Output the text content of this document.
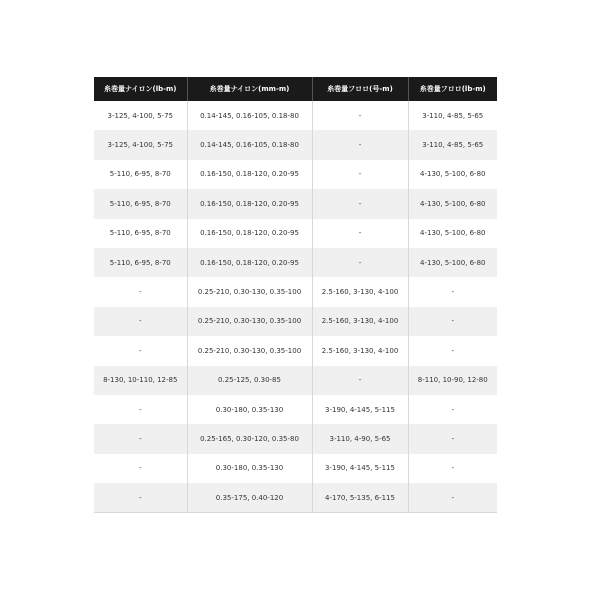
糸巻量ナイロン(lb-m)	糸巻量ナイロン(mm-m)	糸巻量フロロ(号-m)	糸巻量フロロ(lb-m)
3-125, 4-100, 5-75	0.14-145, 0.16-105, 0.18-80	-	3-110, 4-85, 5-65
3-125, 4-100, 5-75	0.14-145, 0.16-105, 0.18-80	-	3-110, 4-85, 5-65
5-110, 6-95, 8-70	0.16-150, 0.18-120, 0.20-95	-	4-130, 5-100, 6-80
5-110, 6-95, 8-70	0.16-150, 0.18-120, 0.20-95	-	4-130, 5-100, 6-80
5-110, 6-95, 8-70	0.16-150, 0.18-120, 0.20-95	-	4-130, 5-100, 6-80
5-110, 6-95, 8-70	0.16-150, 0.18-120, 0.20-95	-	4-130, 5-100, 6-80
-	0.25-210, 0.30-130, 0.35-100	2.5-160, 3-130, 4-100	-
-	0.25-210, 0.30-130, 0.35-100	2.5-160, 3-130, 4-100	-
-	0.25-210, 0.30-130, 0.35-100	2.5-160, 3-130, 4-100	-
8-130, 10-110, 12-85	0.25-125, 0.30-85	-	8-110, 10-90, 12-80
-	0.30-180, 0.35-130	3-190, 4-145, 5-115	-
-	0.25-165, 0.30-120, 0.35-80	3-110, 4-90, 5-65	-
-	0.30-180, 0.35-130	3-190, 4-145, 5-115	-
-	0.35-175, 0.40-120	4-170, 5-135, 6-115	-
